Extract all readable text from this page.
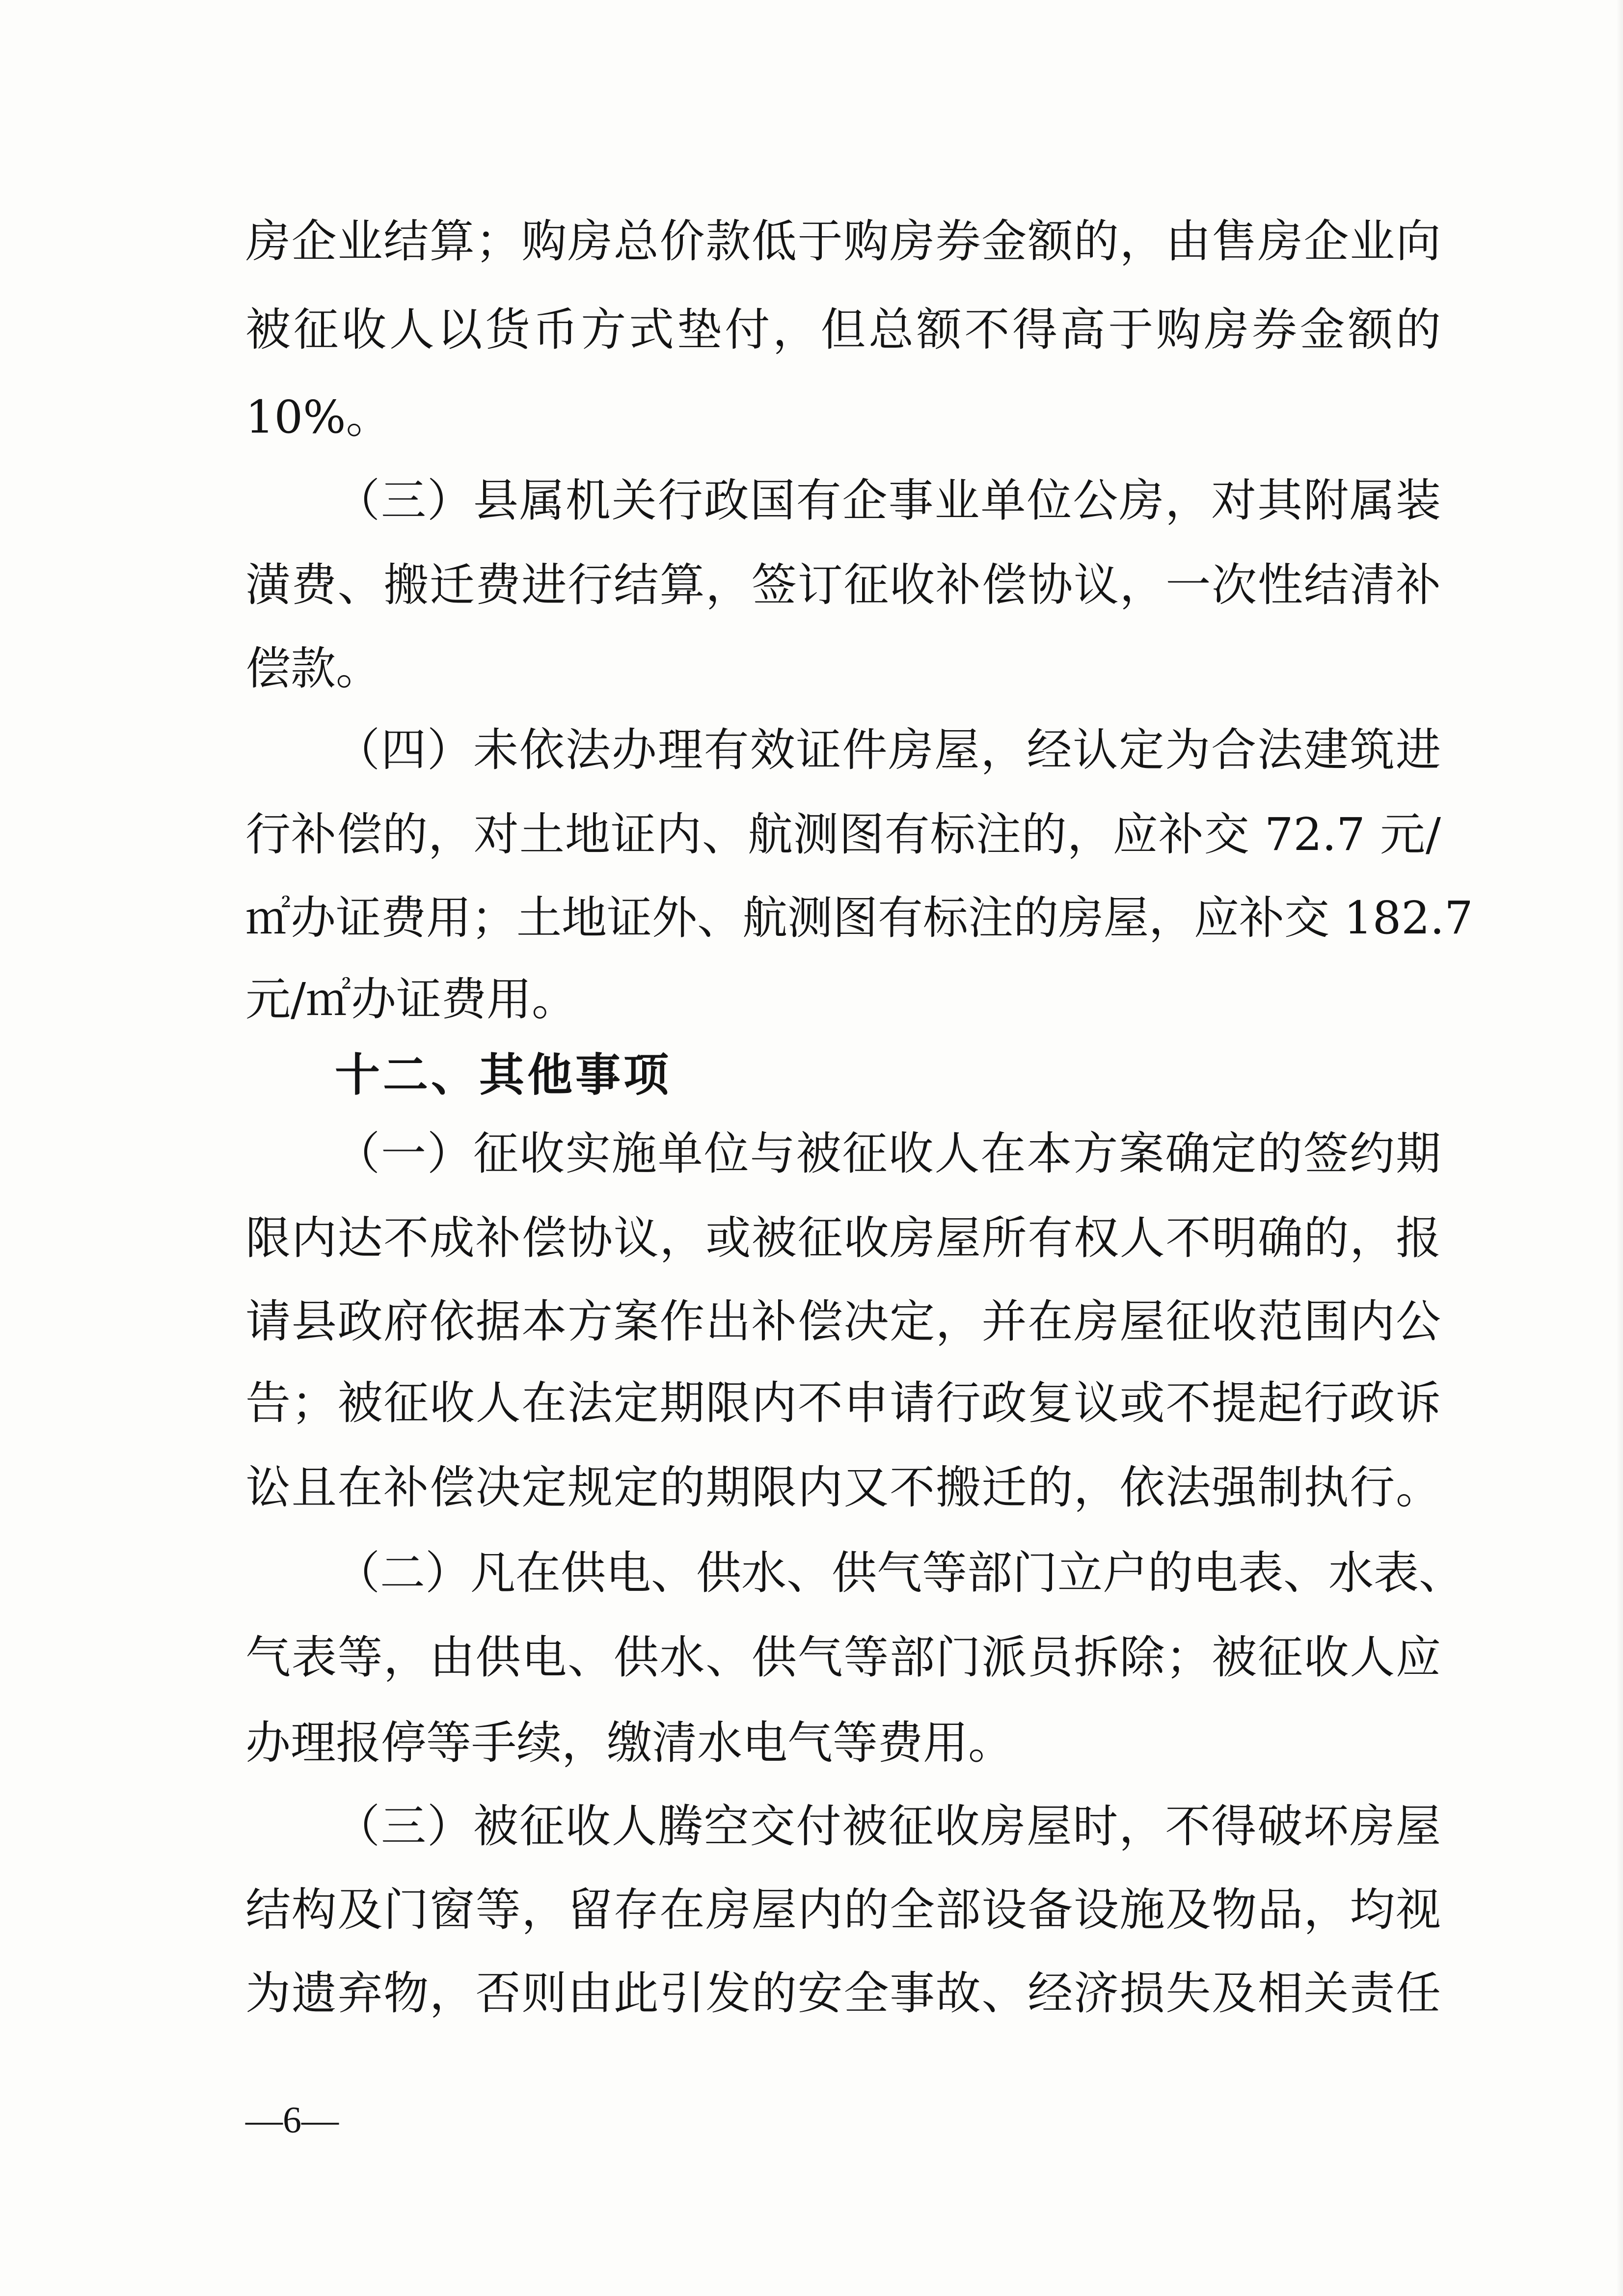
房企业结算；购房总价款低于购房券金额的，由售房企业向

被征收人以货币方式垫付，但总额不得高于购房券金额的

10%。

（三）县属机关行政国有企事业单位公房，对其附属装

潢费、搬迁费进行结算，签订征收补偿协议，一次性结清补

偿款。

（四）未依法办理有效证件房屋，经认定为合法建筑进

行补偿的，对土地证内、航测图有标注的，应补交 72.7 元/

㎡办证费用；土地证外、航测图有标注的房屋，应补交 182.7

元/㎡办证费用。

十二、其他事项

（一）征收实施单位与被征收人在本方案确定的签约期

限内达不成补偿协议，或被征收房屋所有权人不明确的，报

请县政府依据本方案作出补偿决定，并在房屋征收范围内公

告；被征收人在法定期限内不申请行政复议或不提起行政诉

讼且在补偿决定规定的期限内又不搬迁的，依法强制执行。

（二）凡在供电、供水、供气等部门立户的电表、水表、

气表等，由供电、供水、供气等部门派员拆除；被征收人应

办理报停等手续，缴清水电气等费用。

（三）被征收人腾空交付被征收房屋时，不得破坏房屋

结构及门窗等，留存在房屋内的全部设备设施及物品，均视

为遗弃物，否则由此引发的安全事故、经济损失及相关责任

—6—
